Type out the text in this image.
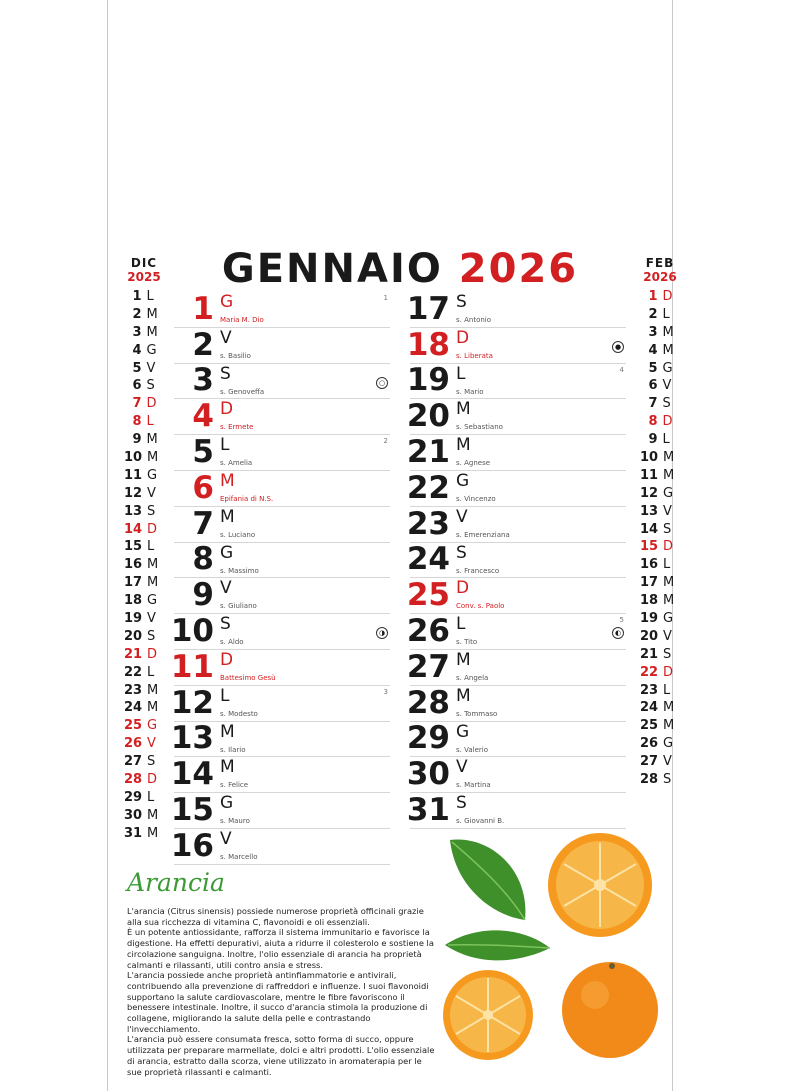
GENNAIO 2026
DIC
2025
1 L
2 M
3 M
4 G
5 V
6 S
7 D
8 L
9 M
10 M
11 G
12 V
13 S
14 D
15 L
16 M
17 M
18 G
19 V
20 S
21 D
22 L
23 M
24 M
25 G
26 V
27 S
28 D
29 L
30 M
31 M
FEB
2026
1 D
2 L
3 M
4 M
5 G
6 V
7 S
8 D
9 L
10 M
11 M
12 G
13 V
14 S
15 D
16 L
17 M
18 M
19 G
20 V
21 S
22 D
23 L
24 M
25 M
26 G
27 V
28 S
1 G
Maria M. Dio
1
2 V
s. Basilio
3 S
s. Genoveffa
○
4 D
s. Ermete
5 L
s. Amelia
2
6 M
Epifania di N.S.
7 M
s. Luciano
8 G
s. Massimo
9 V
s. Giuliano
10 S
s. Aldo
◑
11 D
Battesimo Gesù
12 L
s. Modesto
3
13 M
s. Ilario
14 M
s. Felice
15 G
s. Mauro
16 V
s. Marcello
17 S
s. Antonio
18 D
s. Liberata
●
19 L
s. Mario
4
20 M
s. Sebastiano
21 M
s. Agnese
22 G
s. Vincenzo
23 V
s. Emerenziana
24 S
s. Francesco
25 D
Conv. s. Paolo
26 L
s. Tito
5
◐
27 M
s. Angela
28 M
s. Tommaso
29 G
s. Valerio
30 V
s. Martina
31 S
s. Giovanni B.
Arancia

L'arancia (Citrus sinensis) possiede numerose proprietà officinali grazie alla sua ricchezza di vitamina C, flavonoidi e oli essenziali.

È un potente antiossidante, rafforza il sistema immunitario e favorisce la digestione. Ha effetti depurativi, aiuta a ridurre il colesterolo e sostiene la circolazione sanguigna. Inoltre, l'olio essenziale di arancia ha proprietà calmanti e rilassanti, utili contro ansia e stress.

L'arancia possiede anche proprietà antinfiammatorie e antivirali, contribuendo alla prevenzione di raffreddori e influenze. I suoi flavonoidi supportano la salute cardiovascolare, mentre le fibre favoriscono il benessere intestinale. Inoltre, il succo d'arancia stimola la produzione di collagene, migliorando la salute della pelle e contrastando l'invecchiamento.

L'arancia può essere consumata fresca, sotto forma di succo, oppure utilizzata per preparare marmellate, dolci e altri prodotti. L'olio essenziale di arancia, estratto dalla scorza, viene utilizzato in aromaterapia per le sue proprietà rilassanti e calmanti.
